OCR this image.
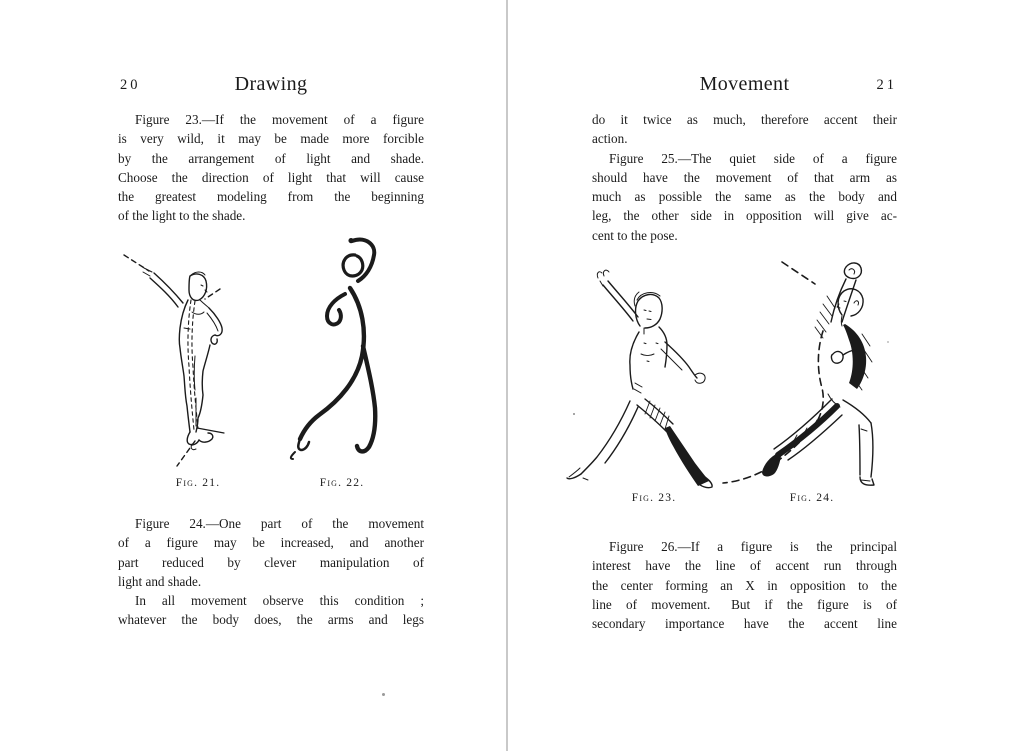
20	Drawing
Figure 23.—If the movement of a figure
is very wild, it may be made more forcible
by the arrangement of light and shade.
Choose the direction of light that will cause
the greatest modeling from the beginning
of the light to the shade.
Fig. 21.	Fig. 22.
Figure 24.—One part of the movement
of a figure may be increased, and another
part reduced by clever manipulation of
light and shade.
In all movement observe this condition ;
whatever the body does, the arms and legs
Movement	21
do it twice as much, therefore accent their
action.
Figure 25.—The quiet side of a figure
should have the movement of that arm as
much as possible the same as the body and
leg, the other side in opposition will give ac-
cent to the pose.
Fig. 23.	Fig. 24.
Figure 26.—If a figure is the principal
interest have the line of accent run through
the center forming an X in opposition to the
line of movement.  But if the figure is of
secondary importance have the accent line
